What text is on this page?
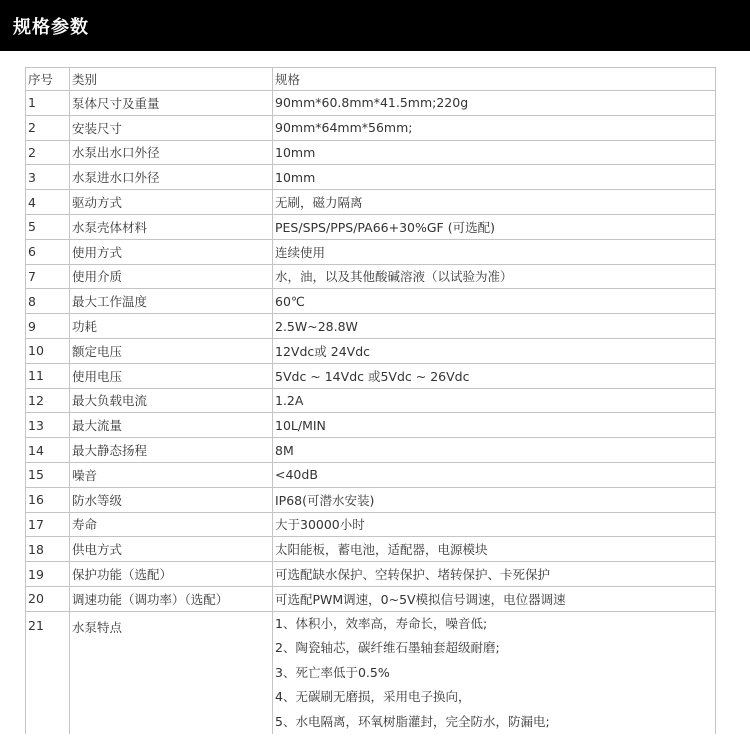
规格参数
序号	类别	规格
1	泵体尺寸及重量	90mm*60.8mm*41.5mm;220g
2	安装尺寸	90mm*64mm*56mm;
2	水泵出水口外径	10mm
3	水泵进水口外径	10mm
4	驱动方式	无刷，磁力隔离
5	水泵壳体材料	PES/SPS/PPS/PA66+30%GF (可选配)
6	使用方式	连续使用
7	使用介质	水，油，以及其他酸碱溶液（以试验为准）
8	最大工作温度	60℃
9	功耗	2.5W~28.8W
10	额定电压	12Vdc或 24Vdc
11	使用电压	5Vdc ~ 14Vdc 或5Vdc ~ 26Vdc
12	最大负载电流	1.2A
13	最大流量	10L/MIN
14	最大静态扬程	8M
15	噪音	<40dB
16	防水等级	IP68(可潜水安装)
17	寿命	大于30000小时
18	供电方式	太阳能板，蓄电池，适配器，电源模块
19	保护功能（选配）	可选配缺水保护、空转保护、堵转保护、卡死保护
20	调速功能（调功率）（选配）	可选配PWM调速，0~5V模拟信号调速，电位器调速
21	水泵特点	1、体积小，效率高，寿命长，噪音低;
2、陶瓷轴芯，碳纤维石墨轴套超级耐磨;
3、死亡率低于0.5%
4、无碳刷无磨损，采用电子换向，
5、水电隔离，环氧树脂灌封，完全防水，防漏电;
